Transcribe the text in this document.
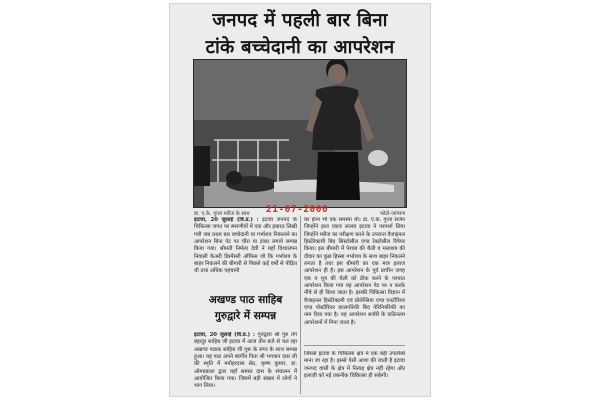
जनपद में पहली बार बिना
टांके बच्चेदानी का आपरेशन
डा. ए.के. गुप्ता मरीज के साथ	फोटो-जागरण
21-07-2000

इटावा, 20 जुलाई (वि.प्र.) : इटावा जनपद के चिकित्सा जगत पर स्मरणीयों में एक और इबारत लिखी गयी जब प्रथम बार बच्चेदानी या गर्भाशय निकालने का आपरेशन बिना पेट पर चीरा या टांका लगाये सम्पन्न किया गया। श्रीमती निर्मला देवी ने यहाँ विशालपन निवासी केअरी डिस्पेंसरी ऑफिस जो कि गर्भाशय के बाहर निकलने की बीमारी से पिछले कई वर्षों से पीड़ित थी तथा अधिक पहचानी

का होना भी एक समस्या थी। डा. ए.के. गुप्ता सर्जन जिन्होंने हाल एकत्र लालव इटावा ने परामर्श लिया जिन्होंने मरीज का परीक्षण करने के उपरान्त वैजाइनल हिस्टेरेक्टमी बिद सिस्टोसील एण्ड रेक्टोसील रिपेयर किया। इस बीमारी में पेशाब की थैली व मलाशय की दीवार का कुछ हिस्सा गर्भाशय के साथ बाहर निकलने लगता है तथा इस बीमारी का एक मात्र इलाज आपरेशन ही है। इस आपरेशन के पूर्व प्राचीन जगह एक व मूत्र की थैली को ठीक करने के पश्चात आपरेशन किया गया यह आपरेशन पेट पर न करके नीचे से ही किया जाता है। इसकी चिकित्सा विज्ञान में वैजाइनल हिस्टेरेक्टमी एवं प्रोलेप्सिया एण्ड एनटीरियर एण्ड पोस्टीरियर कालपोरेफी बिद पेरिनियोरेफी का नाम दिया गया है। यह आपरेशन सर्जरी के कठिनतम आपरेशनों में गिना जाता है।

जिससे इटावा के चिकित्सा क्षेत्र में एक बड़ी उपलब्धि माना जा रहा है। इससे ऐसी आशा की जाती है इटावा जनपद वासी के क्षेत्र में नित्यह क्षेत्र नहीं रहेगा और इलाज़ी को नई तकनीक चिकित्सा ही सकेगी।

अखण्ड पाठ साहिब
गुरुद्वारे में सम्पन्न

इटावा, 20 जुलाई (वि.प्र.) : गुरुद्वारा श्री गुरु तेग बहादुर साहिब जी इटावा में आज तीन बजे से चल रहा अखण्ड पाठक साहिब जी गुरू के लंगर के साथ सम्पन्न हुआ। यह पाठ अपने स्वर्गीय पिता श्री भगवान दास जी की स्मृति में मनोहरदास सेठ, कृष्ण कुमार, डा. ओमप्रकाश द्वारा यहाँ समस्त दास के संचालन में आयोजित किया गया। जिसमें बड़ी संख्या में लोगों ने भाग लिया।
